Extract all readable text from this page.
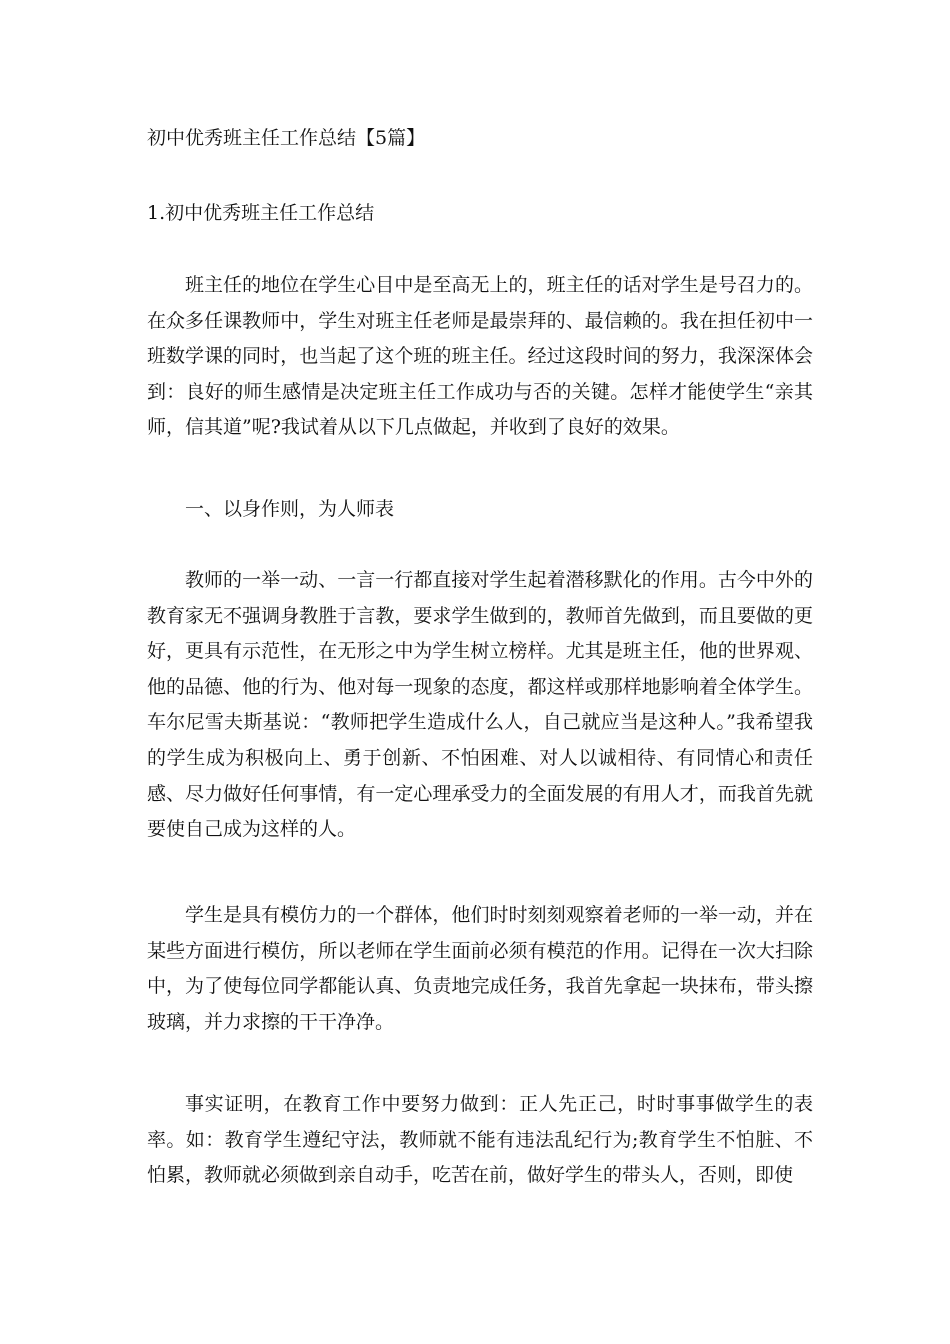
初中优秀班主任工作总结【5篇】
1.初中优秀班主任工作总结

班主任的地位在学生心目中是至高无上的，班主任的话对学生是号召力的。在众多任课教师中，学生对班主任老师是最崇拜的、最信赖的。我在担任初中一班数学课的同时，也当起了这个班的班主任。经过这段时间的努力，我深深体会到：良好的师生感情是决定班主任工作成功与否的关键。怎样才能使学生“亲其师，信其道”呢?我试着从以下几点做起，并收到了良好的效果。

一、以身作则，为人师表

教师的一举一动、一言一行都直接对学生起着潜移默化的作用。古今中外的教育家无不强调身教胜于言教，要求学生做到的，教师首先做到，而且要做的更好，更具有示范性，在无形之中为学生树立榜样。尤其是班主任，他的世界观、他的品德、他的行为、他对每一现象的态度，都这样或那样地影响着全体学生。车尔尼雪夫斯基说：“教师把学生造成什么人，自己就应当是这种人。”我希望我的学生成为积极向上、勇于创新、不怕困难、对人以诚相待、有同情心和责任感、尽力做好任何事情，有一定心理承受力的全面发展的有用人才，而我首先就要使自己成为这样的人。

学生是具有模仿力的一个群体，他们时时刻刻观察着老师的一举一动，并在某些方面进行模仿，所以老师在学生面前必须有模范的作用。记得在一次大扫除中，为了使每位同学都能认真、负责地完成任务，我首先拿起一块抹布，带头擦玻璃，并力求擦的干干净净。

事实证明，在教育工作中要努力做到：正人先正己，时时事事做学生的表率。如：教育学生遵纪守法，教师就不能有违法乱纪行为;教育学生不怕脏、不怕累，教师就必须做到亲自动手，吃苦在前，做好学生的带头人，否则，即使
